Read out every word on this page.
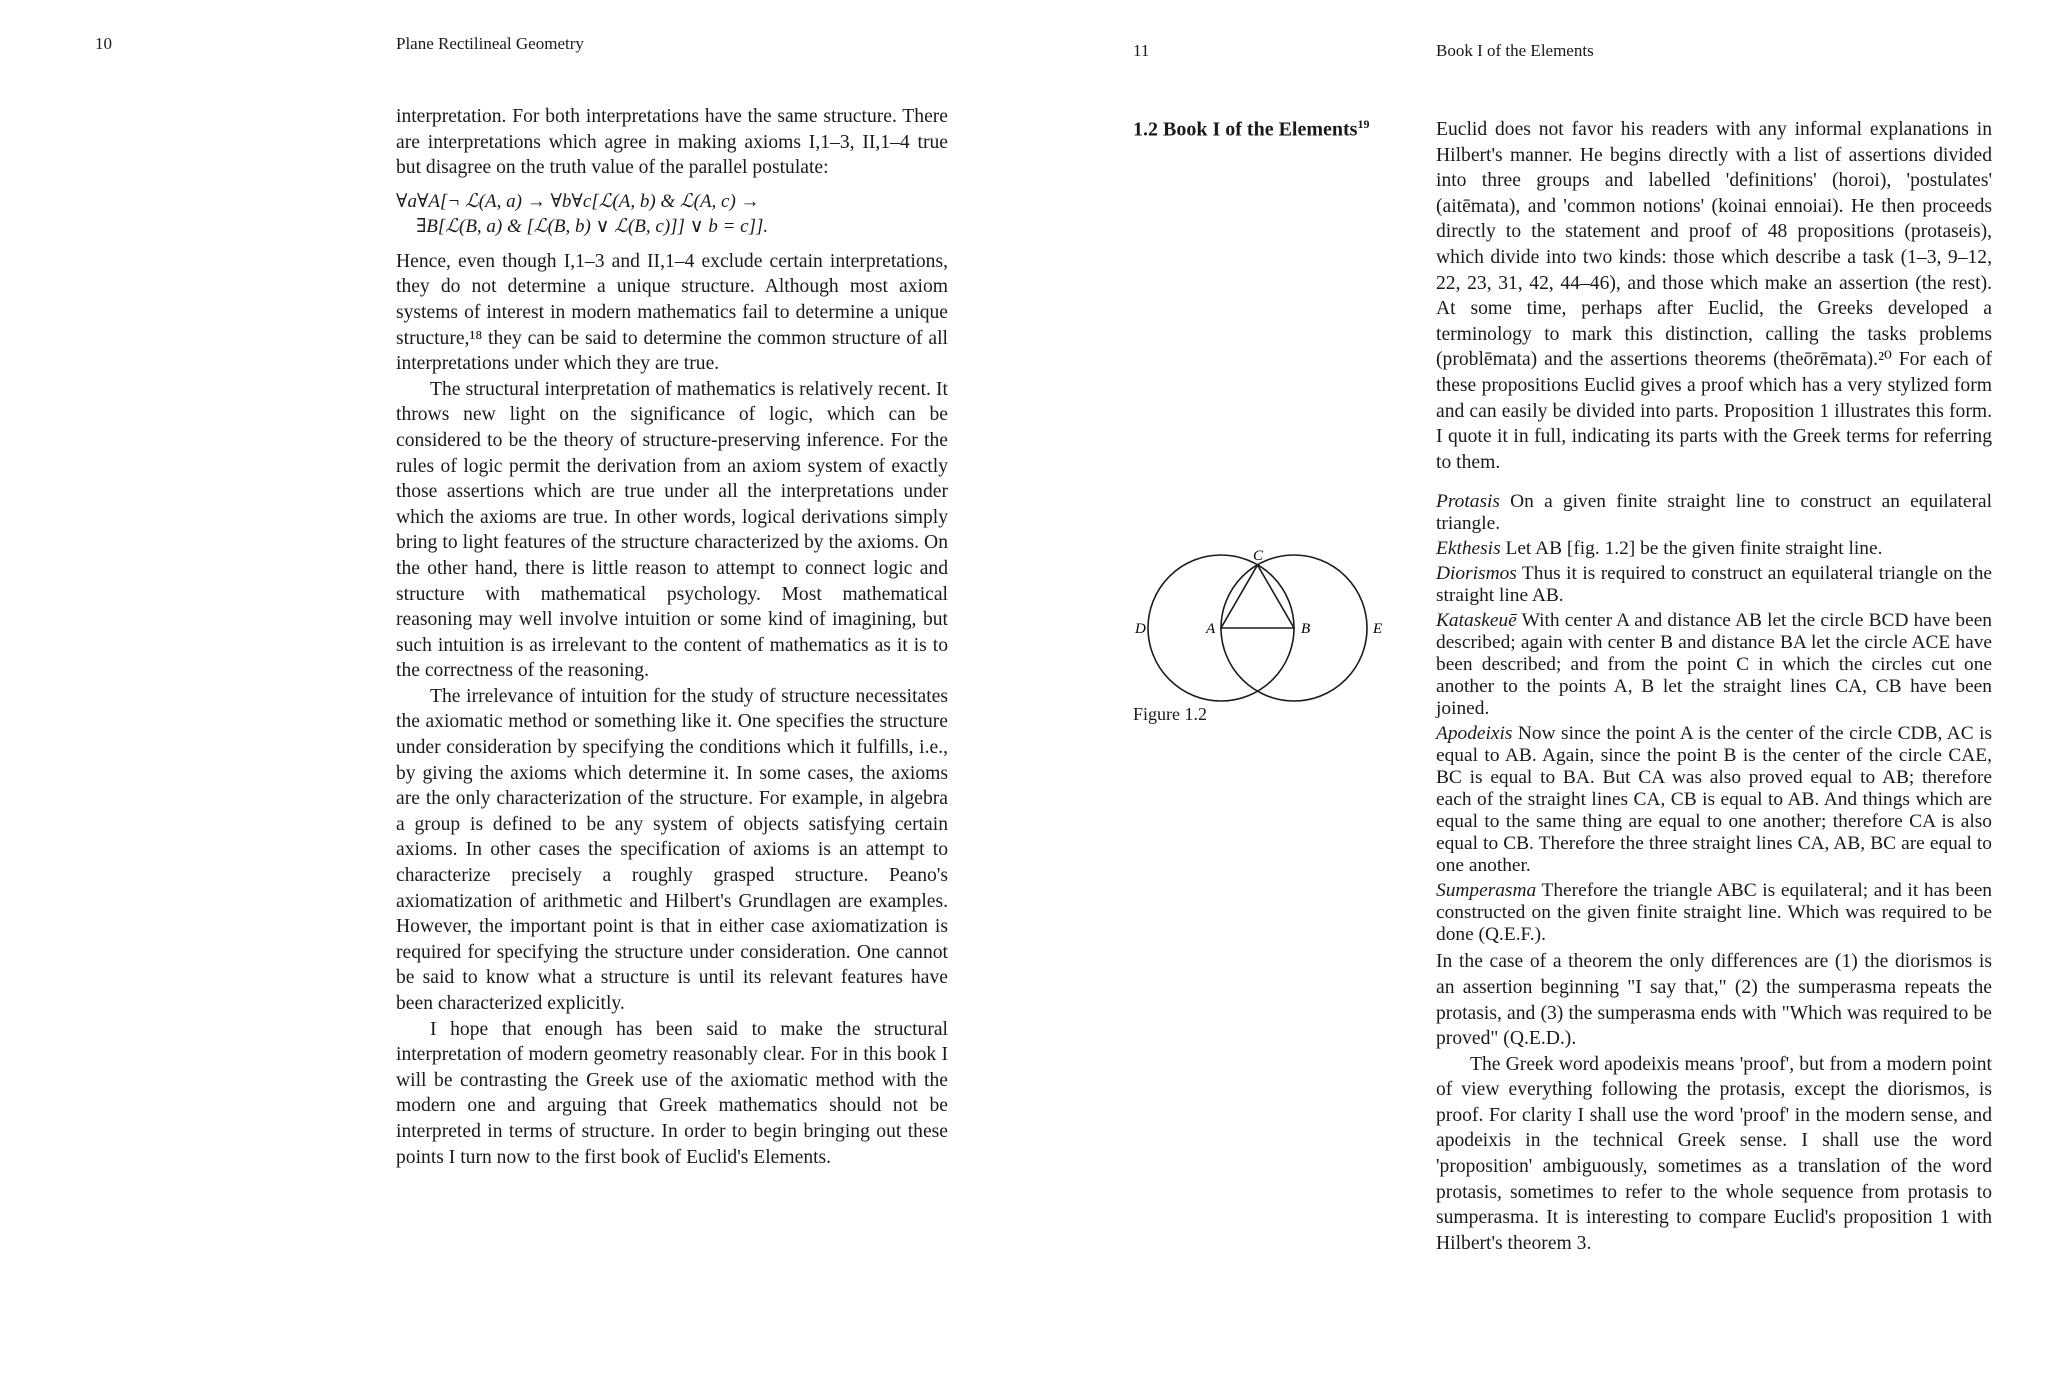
10	Plane Rectilineal Geometry

interpretation. For both interpretations have the same structure. There are interpretations which agree in making axioms I,1–3, II,1–4 true but disagree on the truth value of the parallel postulate:

∀a∀A[¬ ℒ(A, a) → ∀b∀c[ℒ(A, b) & ℒ(A, c) →
∃B[ℒ(B, a) & [ℒ(B, b) ∨ ℒ(B, c)]] ∨ b = c]].

Hence, even though I,1–3 and II,1–4 exclude certain interpretations, they do not determine a unique structure. Although most axiom systems of interest in modern mathematics fail to determine a unique structure,¹⁸ they can be said to determine the common structure of all interpretations under which they are true.

The structural interpretation of mathematics is relatively recent. It throws new light on the significance of logic, which can be considered to be the theory of structure-preserving inference. For the rules of logic permit the derivation from an axiom system of exactly those assertions which are true under all the interpretations under which the axioms are true. In other words, logical derivations simply bring to light features of the structure characterized by the axioms. On the other hand, there is little reason to attempt to connect logic and structure with mathematical psychology. Most mathematical reasoning may well involve intuition or some kind of imagining, but such intuition is as irrelevant to the content of mathematics as it is to the correctness of the reasoning.

The irrelevance of intuition for the study of structure necessitates the axiomatic method or something like it. One specifies the structure under consideration by specifying the conditions which it fulfills, i.e., by giving the axioms which determine it. In some cases, the axioms are the only characterization of the structure. For example, in algebra a group is defined to be any system of objects satisfying certain axioms. In other cases the specification of axioms is an attempt to characterize precisely a roughly grasped structure. Peano's axiomatization of arithmetic and Hilbert's Grundlagen are examples. However, the important point is that in either case axiomatization is required for specifying the structure under consideration. One cannot be said to know what a structure is until its relevant features have been characterized explicitly.

I hope that enough has been said to make the structural interpretation of modern geometry reasonably clear. For in this book I will be contrasting the Greek use of the axiomatic method with the modern one and arguing that Greek mathematics should not be interpreted in terms of structure. In order to begin bringing out these points I turn now to the first book of Euclid's Elements.

11	Book I of the Elements
1.2 Book I of the Elements$^{19}$
C
A	B
D	E
Figure 1.2

Euclid does not favor his readers with any informal explanations in Hilbert's manner. He begins directly with a list of assertions divided into three groups and labelled 'definitions' (horoi), 'postulates' (aitēmata), and 'common notions' (koinai ennoiai). He then proceeds directly to the statement and proof of 48 propositions (protaseis), which divide into two kinds: those which describe a task (1–3, 9–12, 22, 23, 31, 42, 44–46), and those which make an assertion (the rest). At some time, perhaps after Euclid, the Greeks developed a terminology to mark this distinction, calling the tasks problems (problēmata) and the assertions theorems (theōrēmata).²⁰ For each of these propositions Euclid gives a proof which has a very stylized form and can easily be divided into parts. Proposition 1 illustrates this form. I quote it in full, indicating its parts with the Greek terms for referring to them.

Protasis On a given finite straight line to construct an equilateral triangle.

Ekthesis Let AB [fig. 1.2] be the given finite straight line.

Diorismos Thus it is required to construct an equilateral triangle on the straight line AB.

Kataskeuē With center A and distance AB let the circle BCD have been described; again with center B and distance BA let the circle ACE have been described; and from the point C in which the circles cut one another to the points A, B let the straight lines CA, CB have been joined.

Apodeixis Now since the point A is the center of the circle CDB, AC is equal to AB. Again, since the point B is the center of the circle CAE, BC is equal to BA. But CA was also proved equal to AB; therefore each of the straight lines CA, CB is equal to AB. And things which are equal to the same thing are equal to one another; therefore CA is also equal to CB. Therefore the three straight lines CA, AB, BC are equal to one another.

Sumperasma Therefore the triangle ABC is equilateral; and it has been constructed on the given finite straight line. Which was required to be done (Q.E.F.).

In the case of a theorem the only differences are (1) the diorismos is an assertion beginning "I say that," (2) the sumperasma repeats the protasis, and (3) the sumperasma ends with "Which was required to be proved" (Q.E.D.).

The Greek word apodeixis means 'proof', but from a modern point of view everything following the protasis, except the diorismos, is proof. For clarity I shall use the word 'proof' in the modern sense, and apodeixis in the technical Greek sense. I shall use the word 'proposition' ambiguously, sometimes as a translation of the word protasis, sometimes to refer to the whole sequence from protasis to sumperasma. It is interesting to compare Euclid's proposition 1 with Hilbert's theorem 3.
